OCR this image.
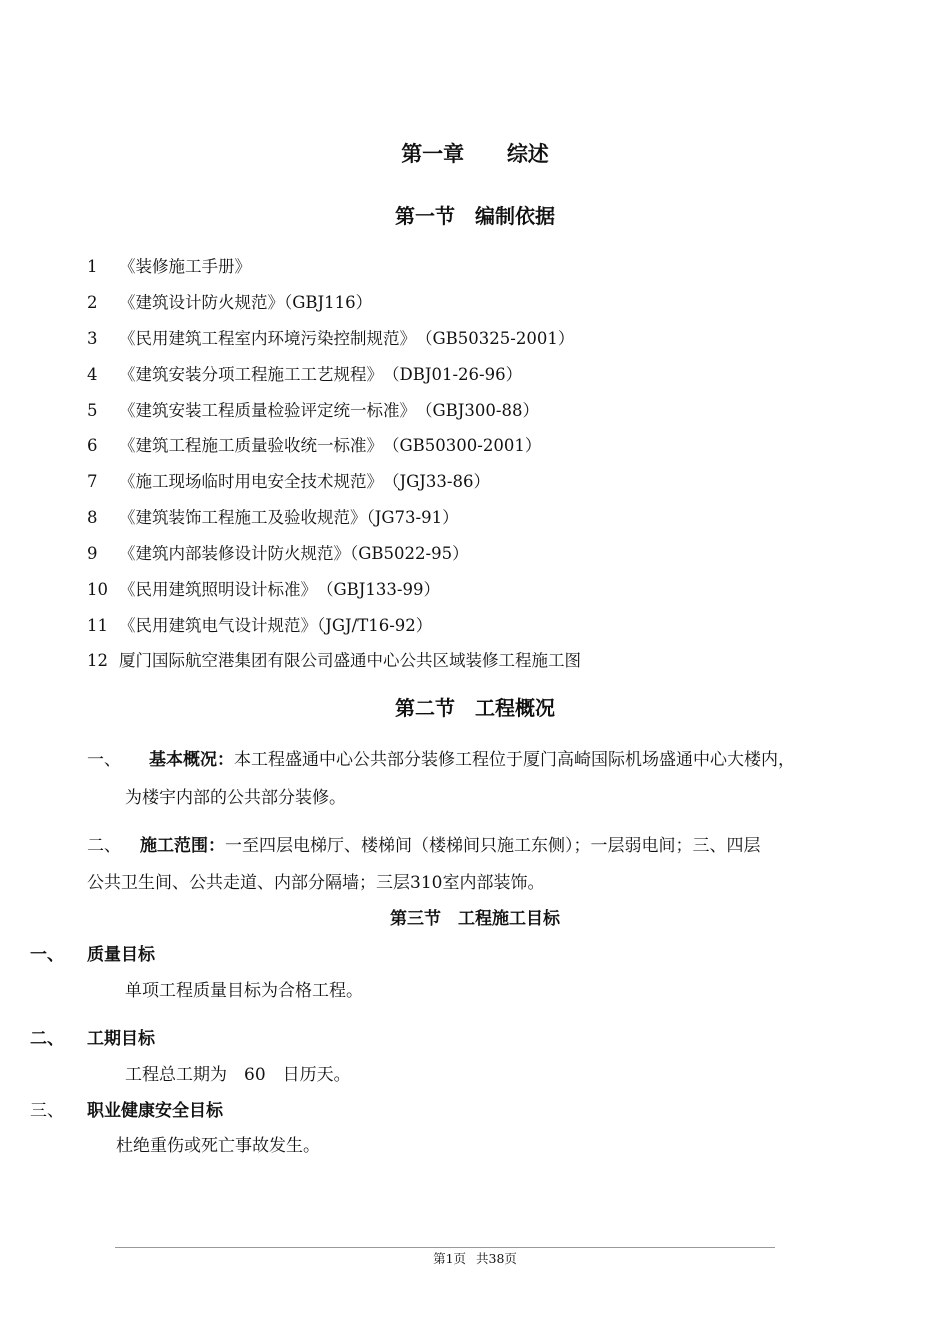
第一章 综述
第一节　编制依据
1 《装修施工手册》
2 《建筑设计防火规范》（GBJ116）
3 《民用建筑工程室内环境污染控制规范》　（GB50325-2001）
4 《建筑安装分项工程施工工艺规程》　（DBJ01-26-96）
5 《建筑安装工程质量检验评定统一标准》　（GBJ300-88）
6 《建筑工程施工质量验收统一标准》　（GB50300-2001）
7 《施工现场临时用电安全技术规范》　（JGJ33-86）
8 《建筑装饰工程施工及验收规范》（JG73-91）
9 《建筑内部装修设计防火规范》（GB5022-95）
10 《民用建筑照明设计标准》　（GBJ133-99）
11 《民用建筑电气设计规范》（JGJ/T16-92）
12 厦门国际航空港集团有限公司盛通中心公共区域装修工程施工图
第二节　工程概况
一、 基本概况：本工程盛通中心公共部分装修工程位于厦门高崎国际机场盛通中心大楼内，
为楼宇内部的公共部分装修。
二、 施工范围：一至四层电梯厅、楼梯间（楼梯间只施工东侧）；一层弱电间；三、四层
公共卫生间、公共走道、内部分隔墙；三层310室内部装饰。
第三节　工程施工目标
一、 质量目标
单项工程质量目标为合格工程。
二、 工期目标
工程总工期为　60　日历天。
三、 职业健康安全目标
杜绝重伤或死亡事故发生。
第1页 共38页
